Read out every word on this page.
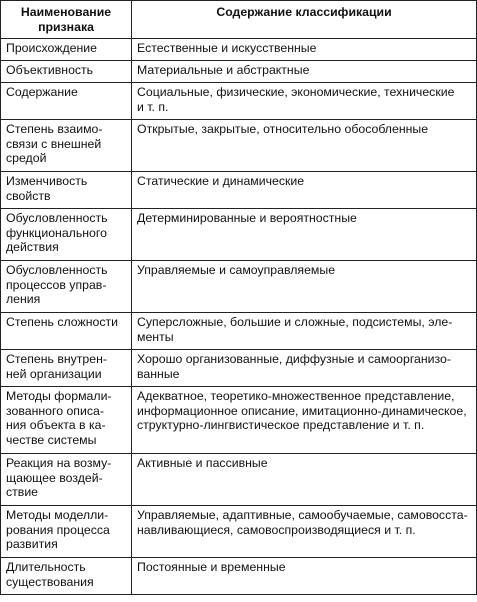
Наименование
признака	Содержание классификации

Происхождение	Естественные и искусственные

Объективность	Материальные и абстрактные

Содержание	Социальные, физические, экономические, технические
и т. п.

Степень взаимо-
связи с внешней
средой	Открытые, закрытые, относительно обособленные

Изменчивость
свойств	Статические и динамические

Обусловленность
функционального
действия	Детерминированные и вероятностные

Обусловленность
процессов управ-
ления	Управляемые и самоуправляемые

Степень сложности	Суперсложные, большие и сложные, подсистемы, эле-
менты

Степень внутрен-
ней организации	Хорошо организованные, диффузные и самоорганизо-
ванные

Методы формали-
зованного описа-
ния объекта в ка-
честве системы	Адекватное, теоретико-множественное представление,
информационное описание, имитационно-динамическое,
структурно-лингвистическое представление и т. п.

Реакция на возму-
щающее воздей-
ствие	Активные и пассивные

Методы моделли-
рования процесса
развития	Управляемые, адаптивные, самообучаемые, самовосста-
навливающиеся, самовоспроизводящиеся и т. п.

Длительность
существования	Постоянные и временные
